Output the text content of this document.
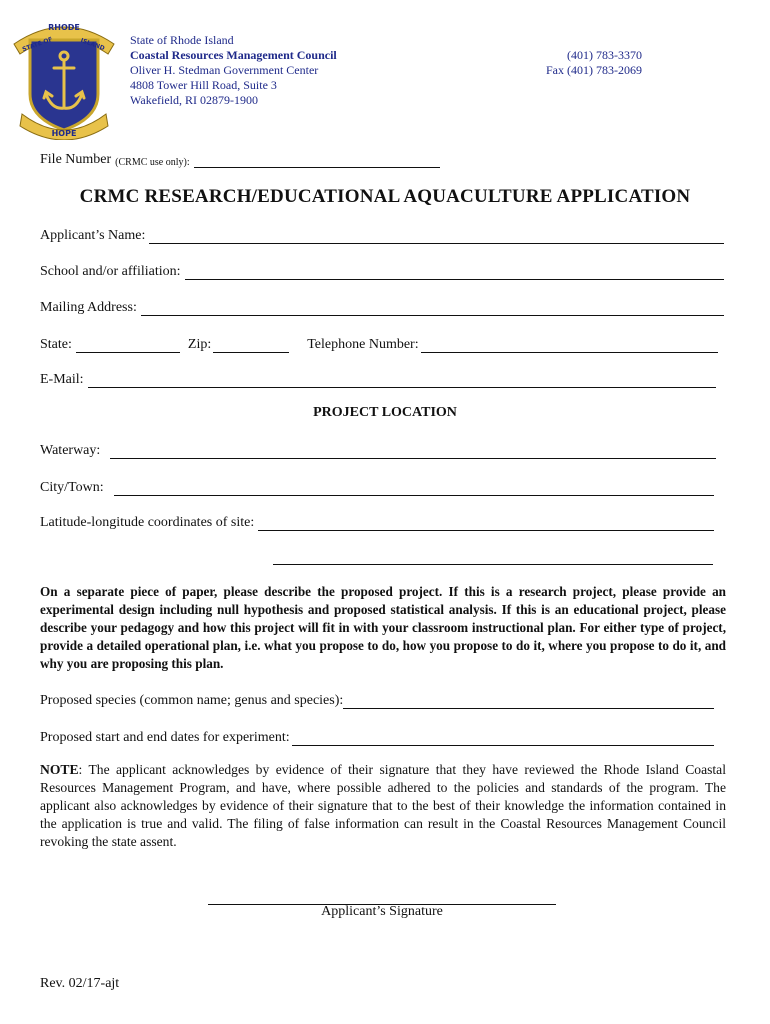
RHODE
STATE OF	ISLAND
HOPE
State of Rhode Island
Coastal Resources Management Council
Oliver H. Stedman Government Center
4808 Tower Hill Road, Suite 3
Wakefield, RI 02879-1900
(401) 783-3370
Fax (401) 783-2069
File Number (CRMC use only):
CRMC RESEARCH/EDUCATIONAL AQUACULTURE APPLICATION
Applicant’s Name:
School and/or affiliation:
Mailing Address:
State:	Zip:	Telephone Number:
E-Mail:
PROJECT LOCATION
Waterway:
City/Town:
Latitude-longitude coordinates of site:
On a separate piece of paper, please describe the proposed project. If this is a research project, please provide an experimental design including null hypothesis and proposed statistical analysis. If this is an educational project, please describe your pedagogy and how this project will fit in with your classroom instructional plan. For either type of project, provide a detailed operational plan, i.e. what you propose to do, how you propose to do it, where you propose to do it, and why you are proposing this plan.
Proposed species (common name; genus and species):
Proposed start and end dates for experiment:
NOTE: The applicant acknowledges by evidence of their signature that they have reviewed the Rhode Island Coastal Resources Management Program, and have, where possible adhered to the policies and standards of the program. The applicant also acknowledges by evidence of their signature that to the best of their knowledge the information contained in the application is true and valid. The filing of false information can result in the Coastal Resources Management Council revoking the state assent.
Applicant’s Signature
Rev. 02/17-ajt
